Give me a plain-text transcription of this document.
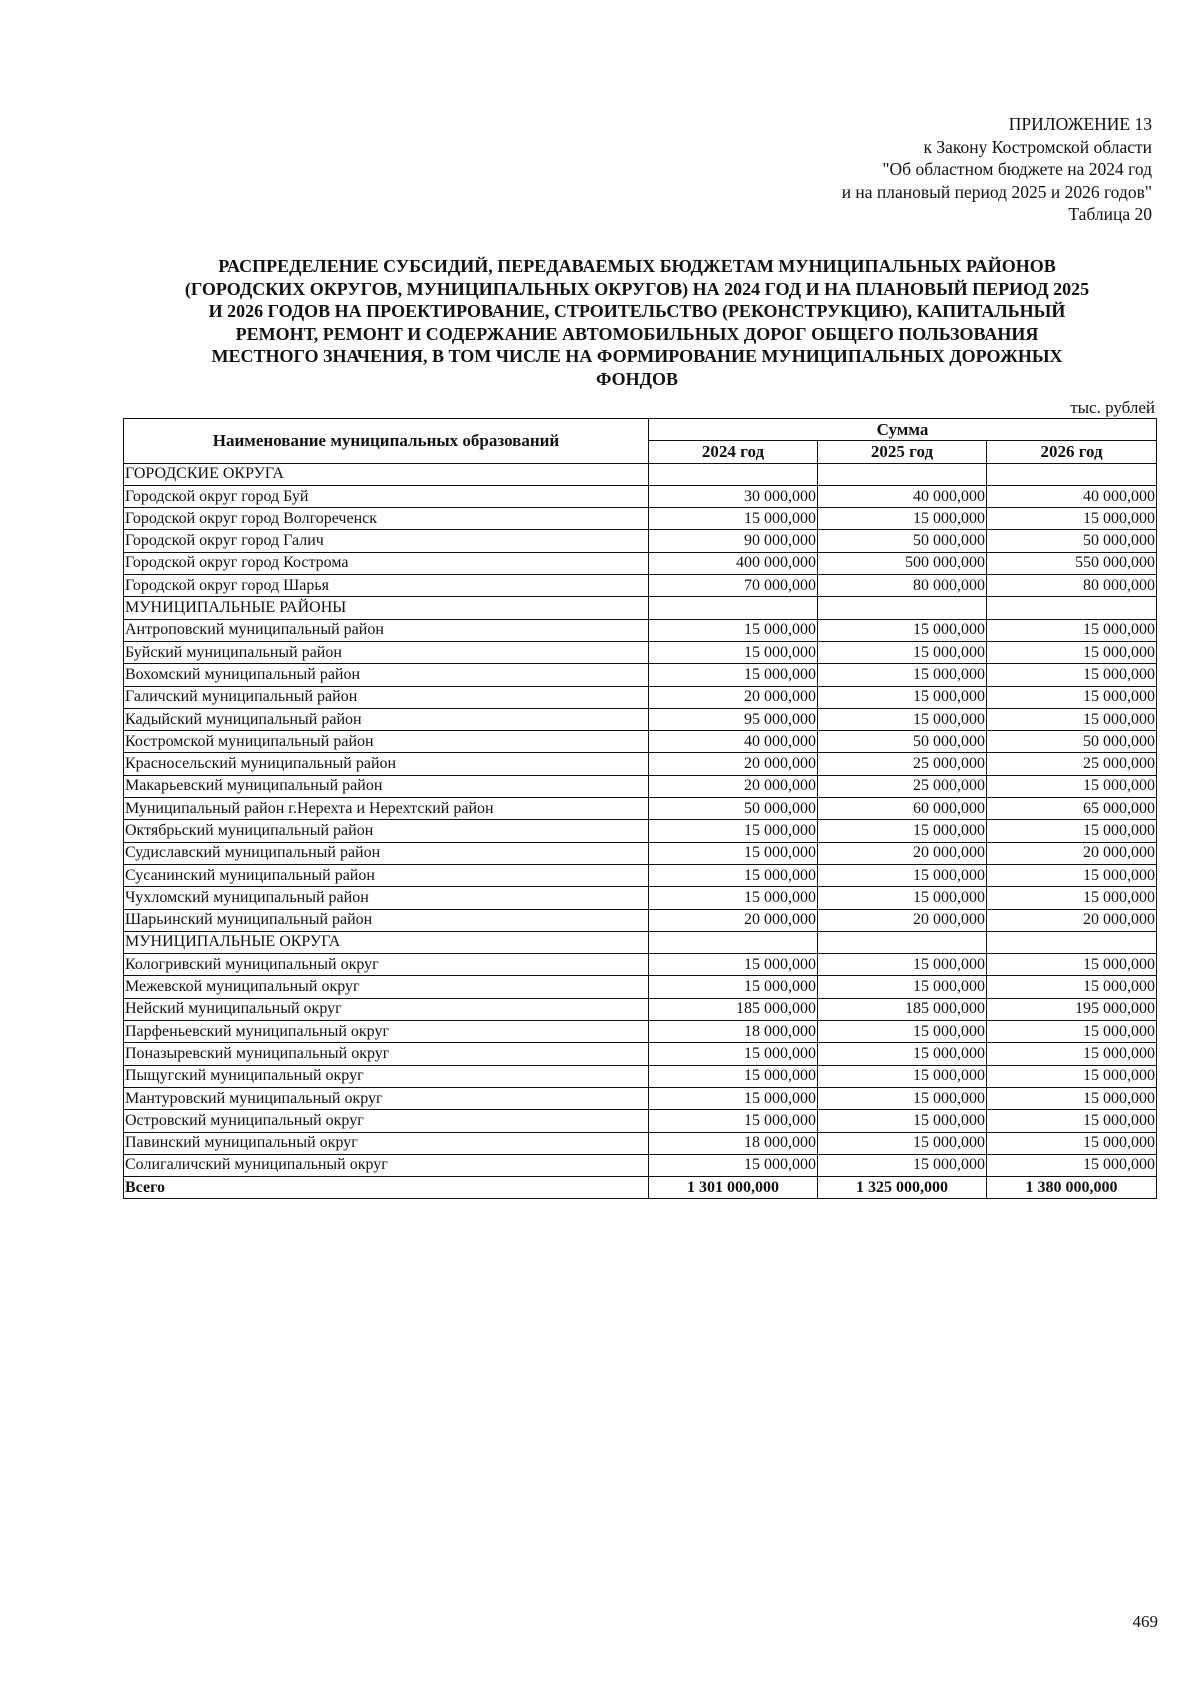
ПРИЛОЖЕНИЕ 13
к Закону Костромской области
"Об областном бюджете на 2024 год
и на плановый период 2025 и 2026 годов"
Таблица 20
РАСПРЕДЕЛЕНИЕ СУБСИДИЙ, ПЕРЕДАВАЕМЫХ БЮДЖЕТАМ МУНИЦИПАЛЬНЫХ РАЙОНОВ
(ГОРОДСКИХ ОКРУГОВ, МУНИЦИПАЛЬНЫХ ОКРУГОВ) НА 2024 ГОД И НА ПЛАНОВЫЙ ПЕРИОД 2025
И 2026 ГОДОВ НА ПРОЕКТИРОВАНИЕ, СТРОИТЕЛЬСТВО (РЕКОНСТРУКЦИЮ), КАПИТАЛЬНЫЙ
РЕМОНТ, РЕМОНТ И СОДЕРЖАНИЕ АВТОМОБИЛЬНЫХ ДОРОГ ОБЩЕГО ПОЛЬЗОВАНИЯ
МЕСТНОГО ЗНАЧЕНИЯ, В ТОМ ЧИСЛЕ НА ФОРМИРОВАНИЕ МУНИЦИПАЛЬНЫХ ДОРОЖНЫХ
ФОНДОВ
тыс. рублей
Наименование муниципальных образований	Сумма		
	2024 год	2025 год	2026 год
ГОРОДСКИЕ ОКРУГА			
Городской округ город Буй	30 000,000	40 000,000	40 000,000
Городской округ город Волгореченск	15 000,000	15 000,000	15 000,000
Городской округ город Галич	90 000,000	50 000,000	50 000,000
Городской округ город Кострома	400 000,000	500 000,000	550 000,000
Городской округ город Шарья	70 000,000	80 000,000	80 000,000
МУНИЦИПАЛЬНЫЕ РАЙОНЫ			
Антроповский муниципальный район	15 000,000	15 000,000	15 000,000
Буйский муниципальный район	15 000,000	15 000,000	15 000,000
Вохомский муниципальный район	15 000,000	15 000,000	15 000,000
Галичский муниципальный район	20 000,000	15 000,000	15 000,000
Кадыйский муниципальный район	95 000,000	15 000,000	15 000,000
Костромской муниципальный район	40 000,000	50 000,000	50 000,000
Красносельский муниципальный район	20 000,000	25 000,000	25 000,000
Макарьевский муниципальный район	20 000,000	25 000,000	15 000,000
Муниципальный район г.Нерехта и Нерехтский район	50 000,000	60 000,000	65 000,000
Октябрьский муниципальный район	15 000,000	15 000,000	15 000,000
Судиславский муниципальный район	15 000,000	20 000,000	20 000,000
Сусанинский муниципальный район	15 000,000	15 000,000	15 000,000
Чухломский муниципальный район	15 000,000	15 000,000	15 000,000
Шарьинский муниципальный район	20 000,000	20 000,000	20 000,000
МУНИЦИПАЛЬНЫЕ ОКРУГА			
Кологривский муниципальный округ	15 000,000	15 000,000	15 000,000
Межевской муниципальный округ	15 000,000	15 000,000	15 000,000
Нейский муниципальный округ	185 000,000	185 000,000	195 000,000
Парфеньевский муниципальный округ	18 000,000	15 000,000	15 000,000
Поназыревский муниципальный округ	15 000,000	15 000,000	15 000,000
Пыщугский муниципальный округ	15 000,000	15 000,000	15 000,000
Мантуровский муниципальный округ	15 000,000	15 000,000	15 000,000
Островский муниципальный округ	15 000,000	15 000,000	15 000,000
Павинский муниципальный округ	18 000,000	15 000,000	15 000,000
Солигаличский муниципальный округ	15 000,000	15 000,000	15 000,000
Всего	1 301 000,000	1 325 000,000	1 380 000,000
469
